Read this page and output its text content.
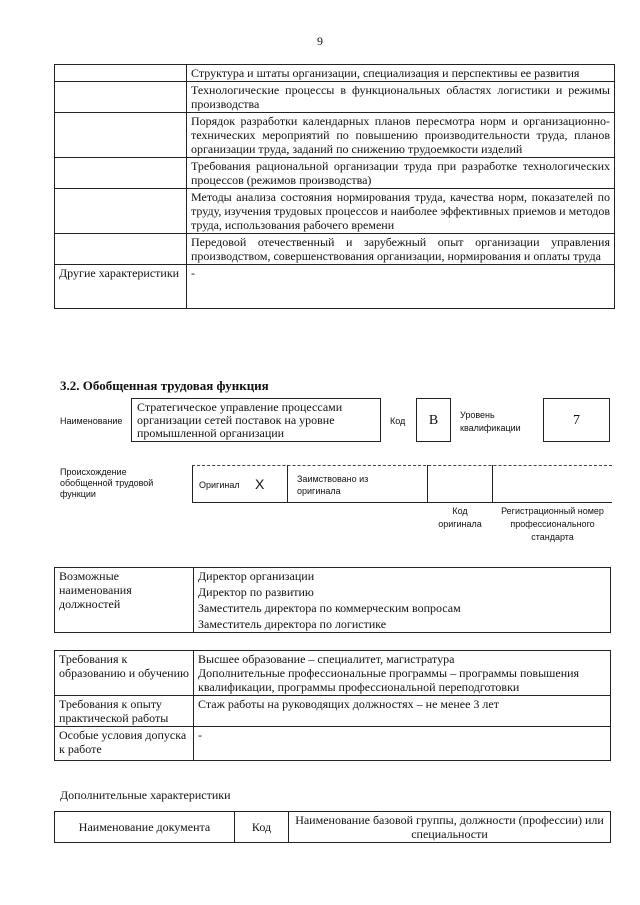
9
	Структура и штаты организации, специализация и перспективы ее развития
	Технологические процессы в функциональных областях логистики и режимы производства
	Порядок разработки календарных планов пересмотра норм и организационно-технических мероприятий по повышению производительности труда, планов организации труда, заданий по снижению трудоемкости изделий
	Требования рациональной организации труда при разработке технологических процессов (режимов производства)
	Методы анализа состояния нормирования труда, качества норм, показателей по труду, изучения трудовых процессов и наиболее эффективных приемов и методов труда, использования рабочего времени
	Передовой отечественный и зарубежный опыт организации управления производством, совершенствования организации, нормирования и оплаты труда
Другие характеристики	-
3.2. Обобщенная трудовая функция
Наименование
Стратегическое управление процессами организации сетей поставок на уровне промышленной организации
Код	B	Уровень квалификации	7
Происхождение обобщенной трудовой функции
Оригинал X	Заимствовано из оригинала
Код оригинала
Регистрационный номер профессионального стандарта
Возможные наименования должностей	Директор организации
Директор по развитию
Заместитель директора по коммерческим вопросам
Заместитель директора по логистике
Требования к образованию и обучению	Высшее образование – специалитет, магистратура
Дополнительные профессиональные программы – программы повышения квалификации, программы профессиональной переподготовки

Требования к опыту практической работы	Стаж работы на руководящих должностях – не менее 3 лет
Особые условия допуска к работе	-
Дополнительные характеристики
Наименование документа	Код	Наименование базовой группы, должности (профессии) или специальности
